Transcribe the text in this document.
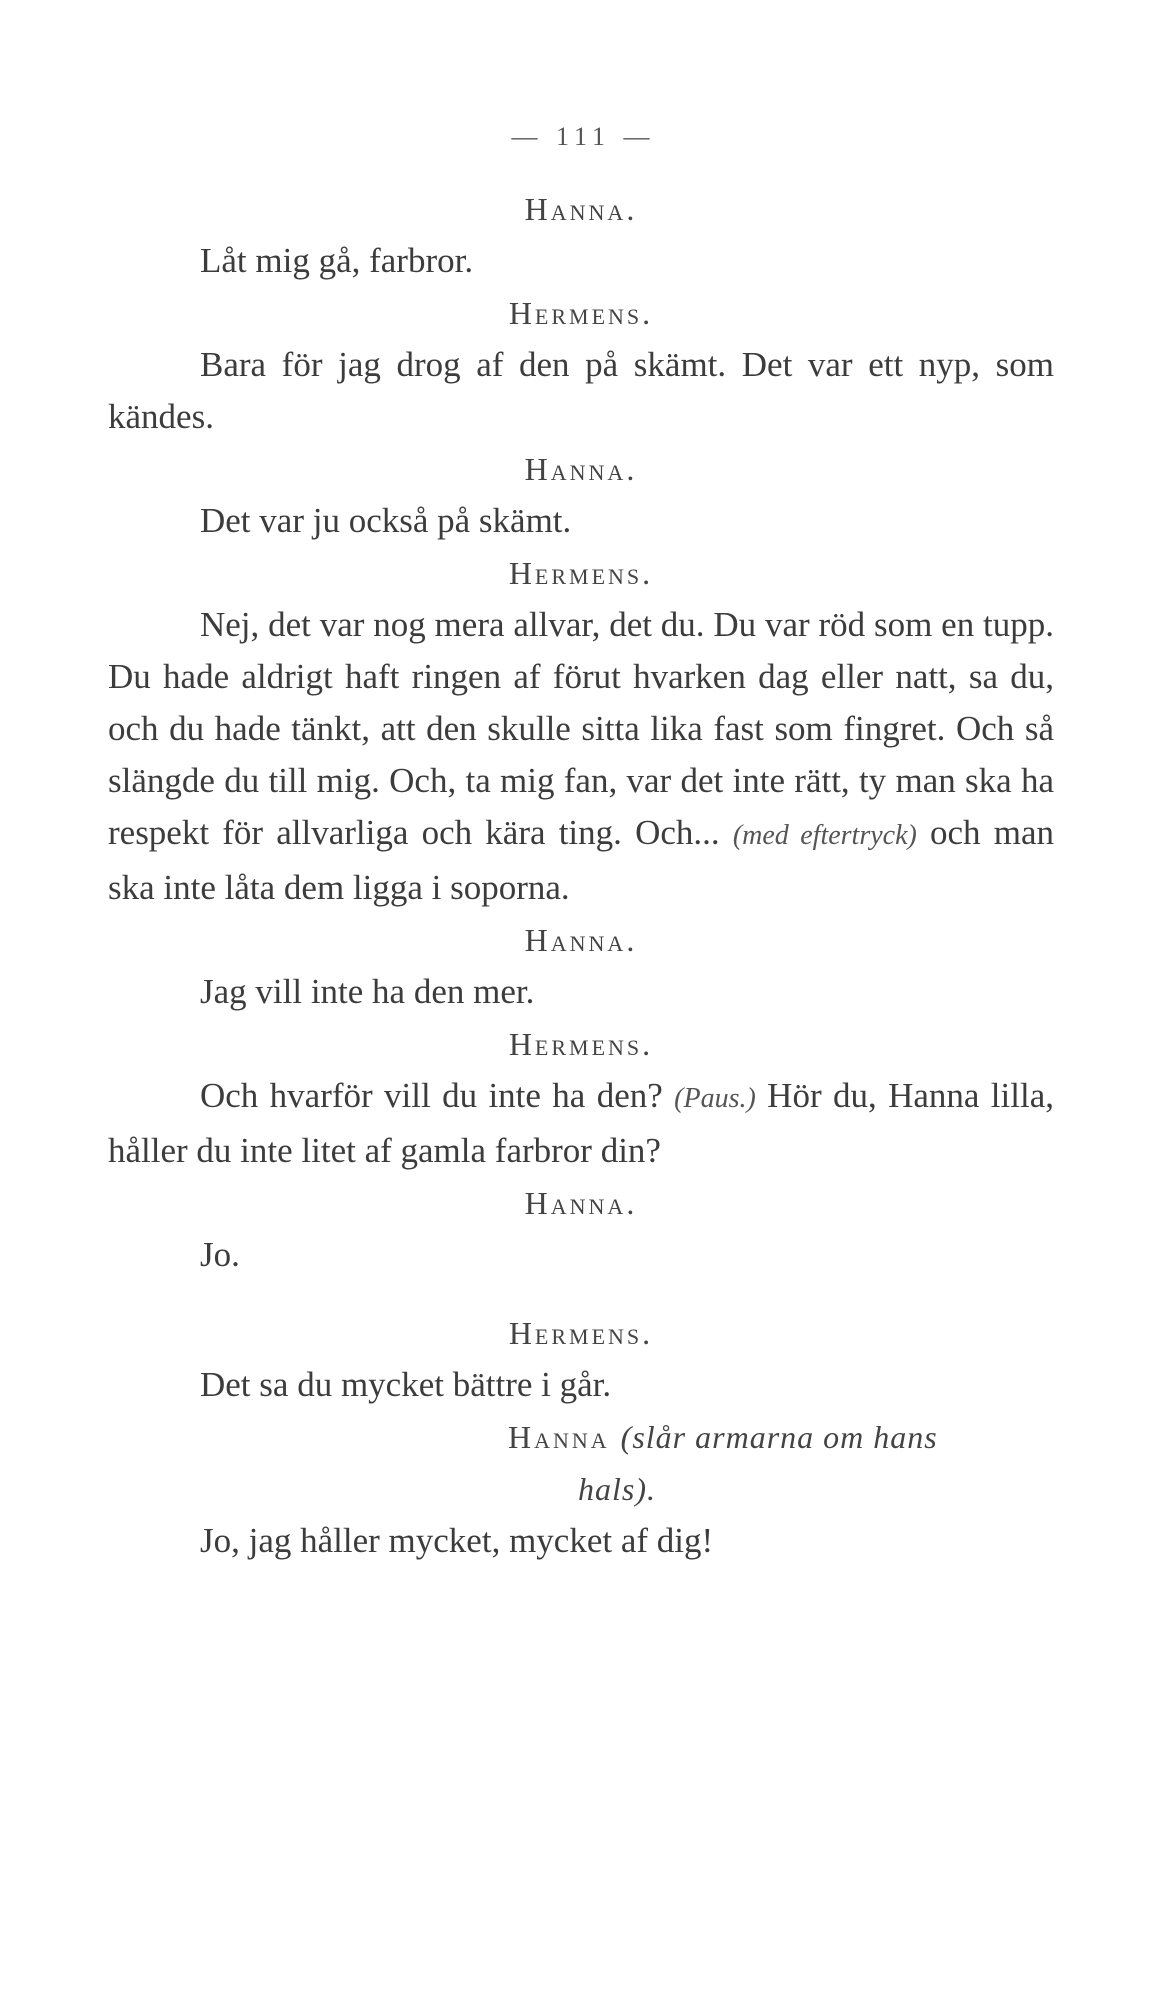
— 111 —
Hanna.
Låt mig gå, farbror.
Hermens.
Bara för jag drog af den på skämt. Det var ett nyp, som kändes.
Hanna.
Det var ju också på skämt.
Hermens.
Nej, det var nog mera allvar, det du. Du var röd som en tupp. Du hade aldrigt haft ringen af förut hvarken dag eller natt, sa du, och du hade tänkt, att den skulle sitta lika fast som fingret. Och så slängde du till mig. Och, ta mig fan, var det inte rätt, ty man ska ha respekt för allvarliga och kära ting. Och... (med eftertryck) och man ska inte låta dem ligga i soporna.
Hanna.
Jag vill inte ha den mer.
Hermens.
Och hvarför vill du inte ha den? (Paus.) Hör du, Hanna lilla, håller du inte litet af gamla farbror din?
Hanna.
Jo.
Hermens.
Det sa du mycket bättre i går.
Hanna (slår armarna om hans
hals).
Jo, jag håller mycket, mycket af dig!
